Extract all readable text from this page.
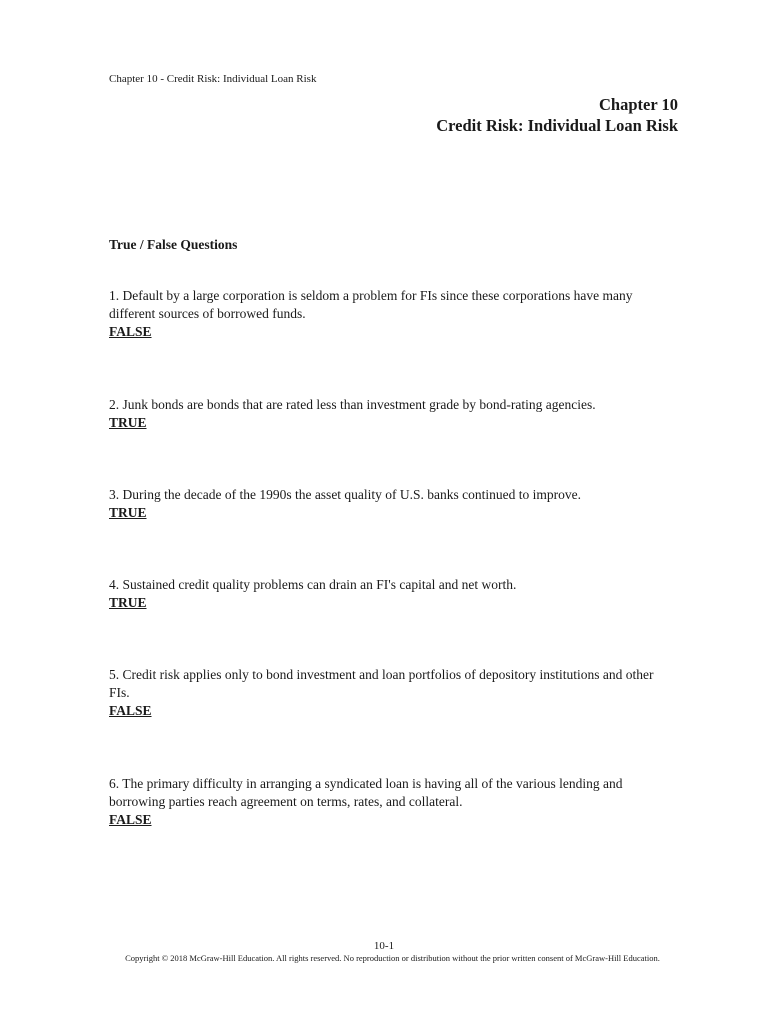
Chapter 10 - Credit Risk: Individual Loan Risk
Chapter 10
Credit Risk: Individual Loan Risk
True / False Questions

1. Default by a large corporation is seldom a problem for FIs since these corporations have many different sources of borrowed funds.

FALSE

2. Junk bonds are bonds that are rated less than investment grade by bond-rating agencies.

TRUE

3. During the decade of the 1990s the asset quality of U.S. banks continued to improve.

TRUE

4. Sustained credit quality problems can drain an FI's capital and net worth.

TRUE

5. Credit risk applies only to bond investment and loan portfolios of depository institutions and other FIs.

FALSE

6. The primary difficulty in arranging a syndicated loan is having all of the various lending and borrowing parties reach agreement on terms, rates, and collateral.

FALSE

10-1
Copyright © 2018 McGraw-Hill Education. All rights reserved. No reproduction or distribution without the prior written consent of McGraw-Hill Education.
